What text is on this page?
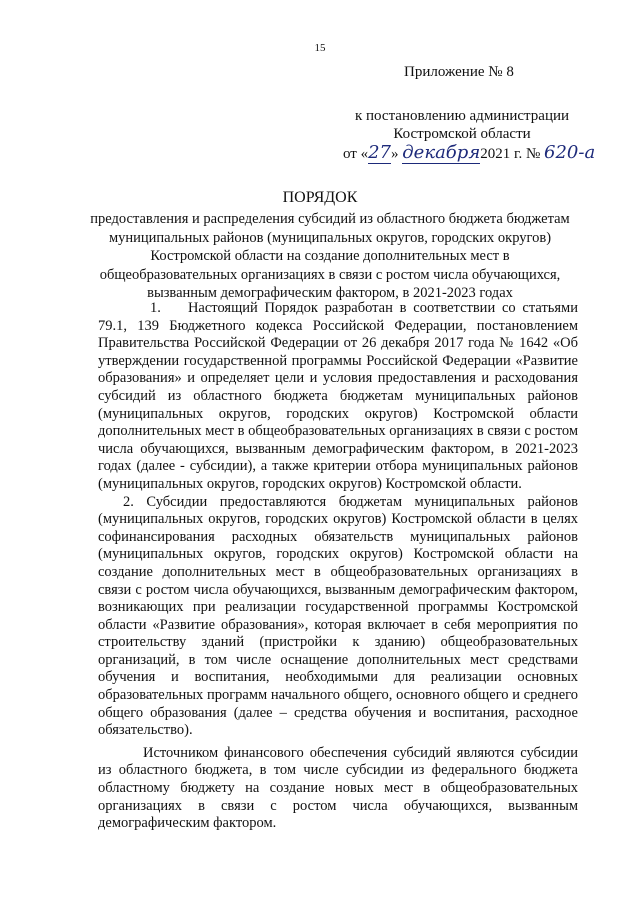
15
Приложение № 8
к постановлению администрации
Костромской области
от «27» декабря2021 г. № 620-а
ПОРЯДОК
предоставления и распределения субсидий из областного бюджета бюджетам муниципальных районов (муниципальных округов, городских округов) Костромской области на создание дополнительных мест в общеобразовательных организациях в связи с ростом числа обучающихся, вызванным демографическим фактором, в 2021-2023 годах

1.    Настоящий Порядок разработан в соответствии со статьями 79.1, 139 Бюджетного кодекса Российской Федерации, постановлением Правительства Российской Федерации от 26 декабря 2017 года № 1642 «Об утверждении государственной программы Российской Федерации «Развитие образования» и определяет цели и условия предоставления и расходования субсидий из областного бюджета бюджетам муниципальных районов (муниципальных округов, городских округов) Костромской области дополнительных мест в общеобразовательных организациях в связи с ростом числа обучающихся, вызванным демографическим фактором, в 2021-2023 годах (далее - субсидии), а также критерии отбора муниципальных районов (муниципальных округов, городских округов) Костромской области.

2. Субсидии предоставляются бюджетам муниципальных районов (муниципальных округов, городских округов) Костромской области в целях софинансирования расходных обязательств муниципальных районов (муниципальных округов, городских округов) Костромской области на создание дополнительных мест в общеобразовательных организациях в связи с ростом числа обучающихся, вызванным демографическим фактором, возникающих при реализации государственной программы Костромской области «Развитие образования», которая включает в себя мероприятия по строительству зданий (пристройки к зданию) общеобразовательных организаций, в том числе оснащение дополнительных мест средствами обучения и воспитания, необходимыми для реализации основных образовательных программ начального общего, основного общего и среднего общего образования (далее – средства обучения и воспитания, расходное обязательство).

Источником финансового обеспечения субсидий являются субсидии из областного бюджета, в том числе субсидии из федерального бюджета областному бюджету на создание новых мест в общеобразовательных организациях в связи с ростом числа обучающихся, вызванным демографическим фактором.
